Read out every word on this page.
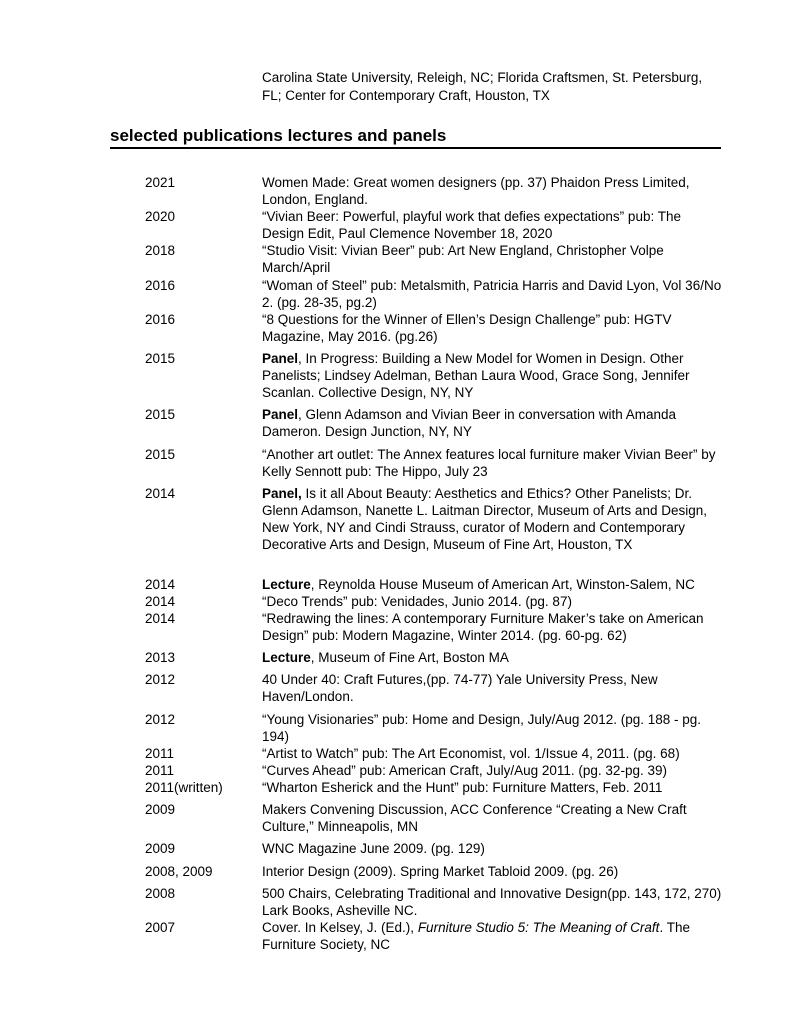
Carolina State University, Releigh, NC; Florida Craftsmen, St. Petersburg, FL; Center for Contemporary Craft, Houston, TX
selected publications lectures and panels
2021	Women Made: Great women designers (pp. 37) Phaidon Press Limited, London, England.
2020	“Vivian Beer: Powerful, playful work that defies expectations” pub: The Design Edit, Paul Clemence November 18, 2020
2018	“Studio Visit: Vivian Beer” pub: Art New England, Christopher Volpe March/April
2016	“Woman of Steel” pub: Metalsmith, Patricia Harris and David Lyon, Vol 36/No 2. (pg. 28-35, pg.2)
2016	“8 Questions for the Winner of Ellen’s Design Challenge” pub: HGTV Magazine, May 2016. (pg.26)
2015	Panel, In Progress: Building a New Model for Women in Design. Other Panelists; Lindsey Adelman, Bethan Laura Wood, Grace Song, Jennifer Scanlan. Collective Design, NY, NY
2015	Panel, Glenn Adamson and Vivian Beer in conversation with Amanda Dameron. Design Junction, NY, NY
2015	“Another art outlet: The Annex features local furniture maker Vivian Beer” by Kelly Sennott pub: The Hippo, July 23
2014	Panel, Is it all About Beauty: Aesthetics and Ethics? Other Panelists; Dr. Glenn Adamson, Nanette L. Laitman Director, Museum of Arts and Design, New York, NY and Cindi Strauss, curator of Modern and Contemporary Decorative Arts and Design, Museum of Fine Art, Houston, TX
2014	Lecture, Reynolda House Museum of American Art, Winston-Salem, NC
2014	“Deco Trends” pub: Venidades, Junio 2014. (pg. 87)
2014	“Redrawing the lines: A contemporary Furniture Maker’s take on American Design” pub: Modern Magazine, Winter 2014. (pg. 60-pg. 62)
2013	Lecture, Museum of Fine Art, Boston MA
2012	40 Under 40: Craft Futures,(pp. 74-77) Yale University Press, New Haven/London.
2012	“Young Visionaries” pub: Home and Design, July/Aug 2012. (pg. 188 - pg. 194)
2011	“Artist to Watch” pub: The Art Economist, vol. 1/Issue 4, 2011. (pg. 68)
2011	“Curves Ahead” pub: American Craft, July/Aug 2011. (pg. 32-pg. 39)
2011(written)	“Wharton Esherick and the Hunt” pub: Furniture Matters, Feb. 2011
2009	Makers Convening Discussion, ACC Conference “Creating a New Craft Culture,” Minneapolis, MN
2009	WNC Magazine June 2009. (pg. 129)
2008, 2009	Interior Design (2009). Spring Market Tabloid 2009. (pg. 26)
2008	500 Chairs, Celebrating Traditional and Innovative Design(pp. 143, 172, 270) Lark Books, Asheville NC.
2007	Cover. In Kelsey, J. (Ed.), Furniture Studio 5: The Meaning of Craft. The Furniture Society, NC
